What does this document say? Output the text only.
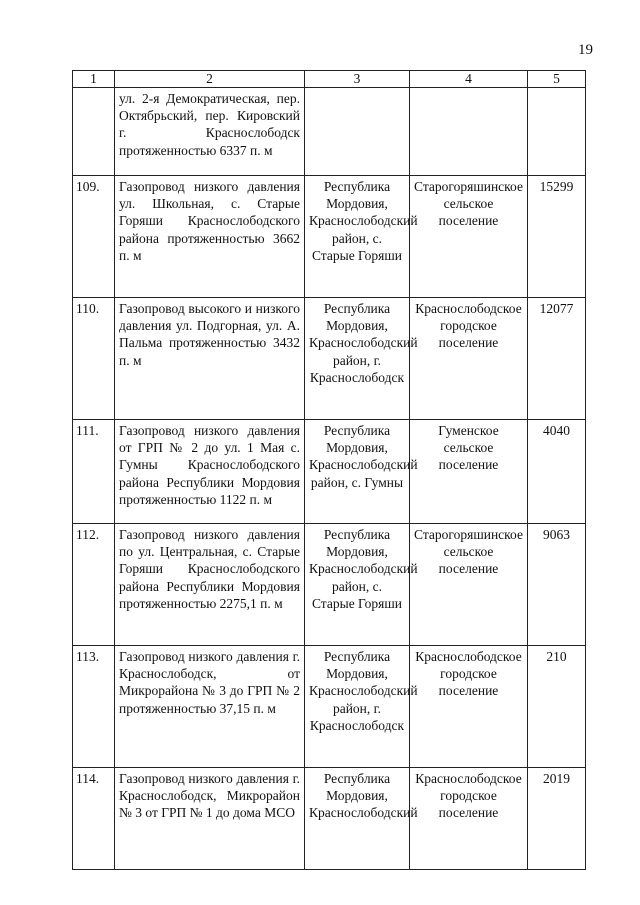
19
1	2	3	4	5
	ул. 2-я Демократическая, пер. Октябрьский, пер. Кировский г. Краснослободск протяженностью 6337 п. м			
109.	Газопровод низкого давления ул. Школьная, с. Старые Горяши Краснослободского района протяженностью 3662 п. м	Республика Мордовия, Краснослободский район, с. Старые Горяши	Старогоряшинское сельское поселение	15299
110.	Газопровод высокого и низкого давления ул. Подгорная, ул. А. Пальма протяженностью 3432 п. м	Республика Мордовия, Краснослободский район, г. Краснослободск	Краснослободское городское поселение	12077
111.	Газопровод низкого давления от ГРП № 2 до ул. 1 Мая с. Гумны Краснослободского района Республики Мордовия протяженностью 1122 п. м	Республика Мордовия, Краснослободский район, с. Гумны	Гуменское сельское поселение	4040
112.	Газопровод низкого давления по ул. Центральная, с. Старые Горяши Краснослободского района Республики Мордовия протяженностью 2275,1 п. м	Республика Мордовия, Краснослободский район, с. Старые Горяши	Старогоряшинское сельское поселение	9063
113.	Газопровод низкого давления г. Краснослободск, от Микрорайона № 3 до ГРП № 2 протяженностью 37,15 п. м	Республика Мордовия, Краснослободский район, г. Краснослободск	Краснослободское городское поселение	210
114.	Газопровод низкого давления г. Краснослободск, Микрорайон № 3 от ГРП № 1 до дома МСО	Республика Мордовия, Краснослободский	Краснослободское городское поселение	2019
